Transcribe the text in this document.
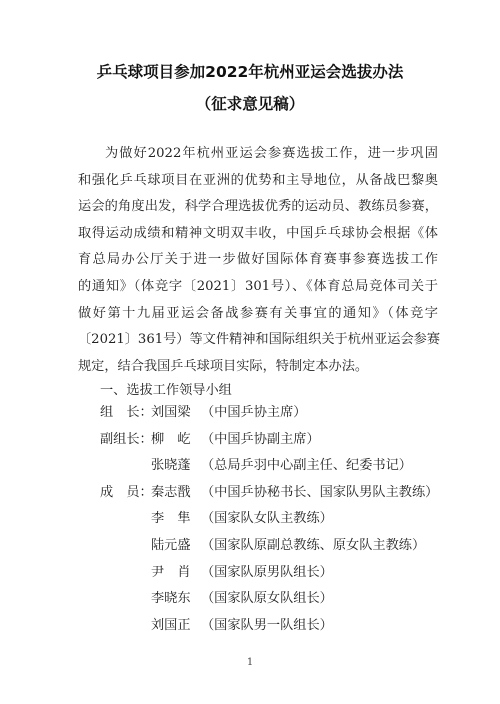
乒乓球项目参加2022年杭州亚运会选拔办法
（征求意见稿）
为做好2022年杭州亚运会参赛选拔工作，进一步巩固
和强化乒乓球项目在亚洲的优势和主导地位，从备战巴黎奥
运会的角度出发，科学合理选拔优秀的运动员、教练员参赛，
取得运动成绩和精神文明双丰收，中国乒乓球协会根据《体
育总局办公厅关于进一步做好国际体育赛事参赛选拔工作
的通知》（体竞字〔2021〕301号）、《体育总局竞体司关于
做好第十九届亚运会备战参赛有关事宜的通知》（体竞字
〔2021〕361号）等文件精神和国际组织关于杭州亚运会参赛
规定，结合我国乒乓球项目实际，特制定本办法。
一、选拔工作领导小组
组　长：
刘国梁 （中国乒协主席）
副组长：
柳　屹 （中国乒协副主席）
张晓蓬 （总局乒羽中心副主任、纪委书记）
成　员：
秦志戬 （中国乒协秘书长、国家队男队主教练）
李　隼 （国家队女队主教练）
陆元盛 （国家队原副总教练、原女队主教练）
尹　肖 （国家队原男队组长）
李晓东 （国家队原女队组长）
刘国正 （国家队男一队组长）
1
